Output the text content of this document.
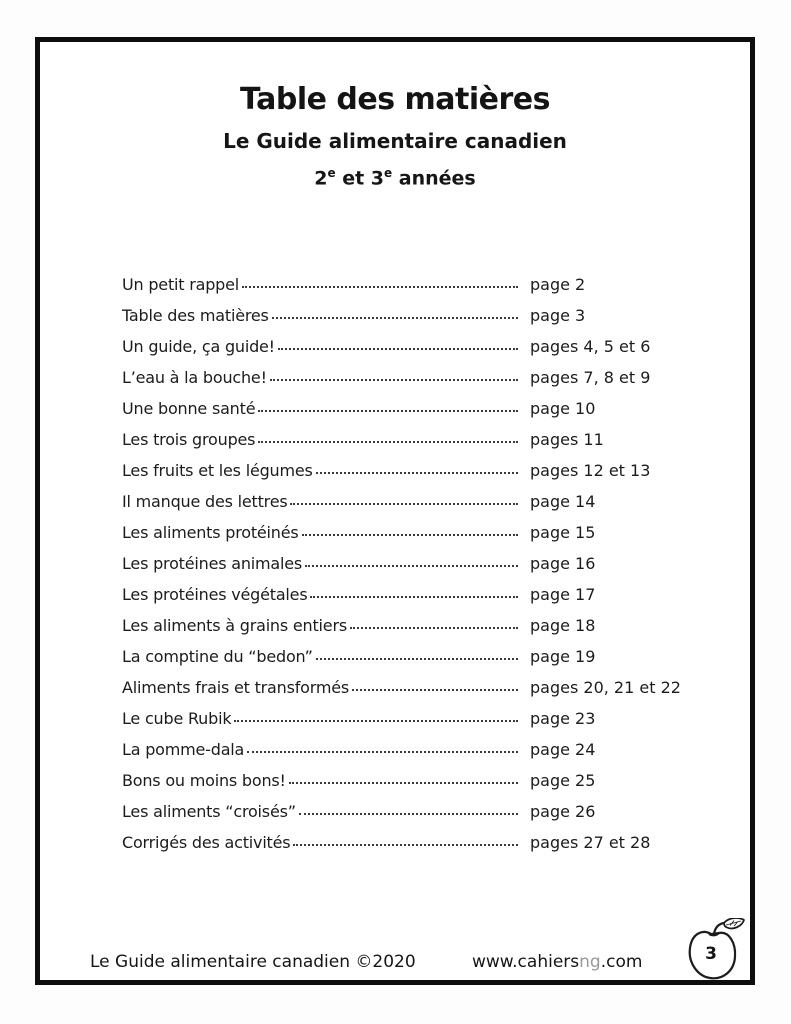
Table des matières
Le Guide alimentaire canadien
2e et 3e années
Un petit rappel	page 2
Table des matières	page 3
Un guide, ça guide!	pages 4, 5 et 6
L’eau à la bouche!	pages 7, 8 et 9
Une bonne santé	page 10
Les trois groupes	pages 11
Les fruits et les légumes	pages 12 et 13
Il manque des lettres	page 14
Les aliments protéinés	page 15
Les protéines animales	page 16
Les protéines végétales	page 17
Les aliments à grains entiers	page 18
La comptine du “bedon”	page 19
Aliments frais et transformés	pages 20, 21 et 22
Le cube Rubik	page 23
La pomme-dala	page 24
Bons ou moins bons!	page 25
Les aliments “croisés”	page 26
Corrigés des activités	pages 27 et 28
Le Guide alimentaire canadien ©2020	www.cahiersng.com	3
